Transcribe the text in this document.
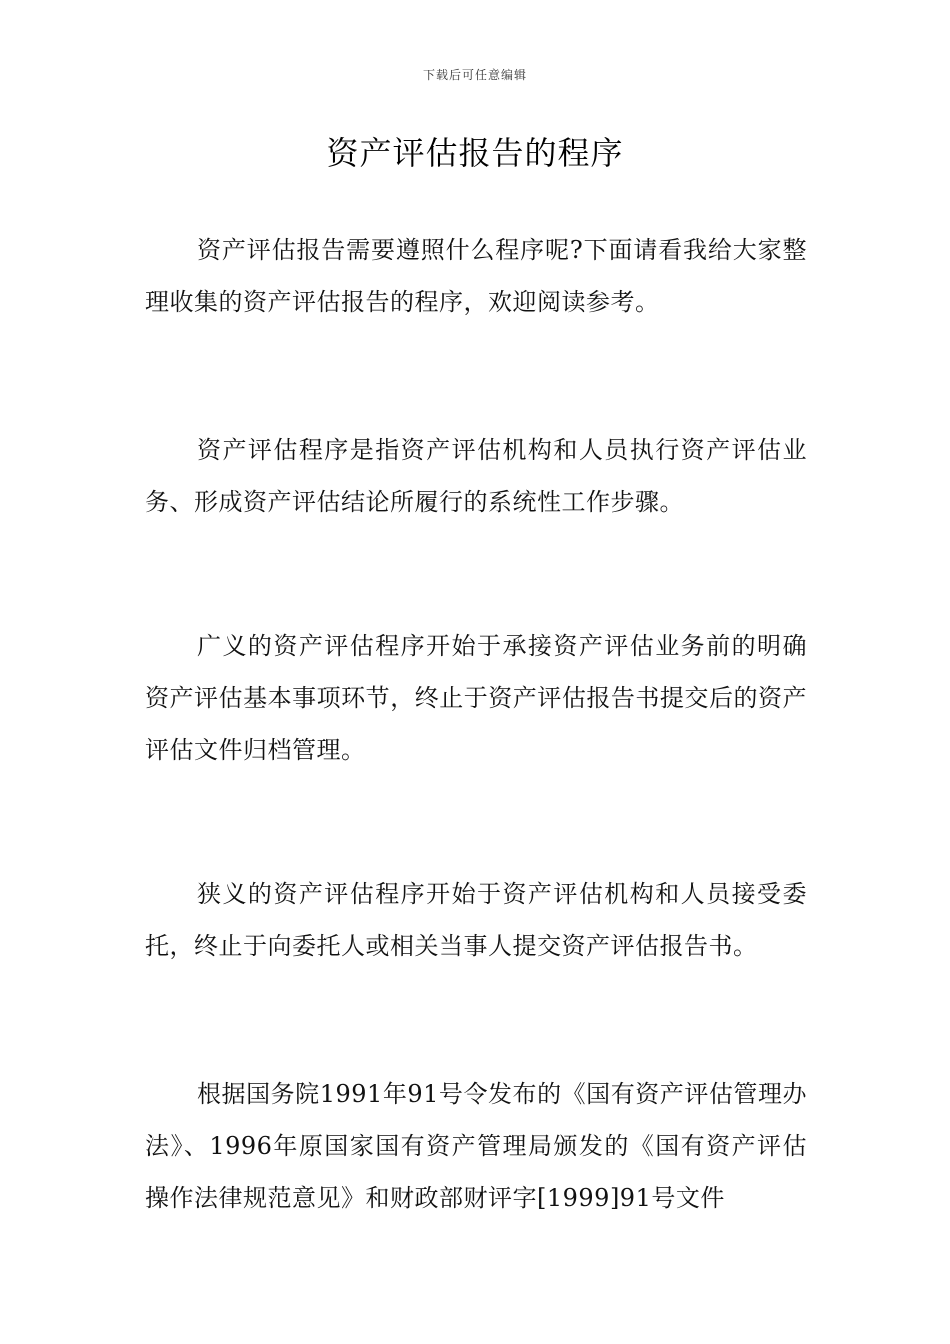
下载后可任意编辑
资产评估报告的程序

资产评估报告需要遵照什么程序呢?下面请看我给大家整理收集的资产评估报告的程序，欢迎阅读参考。

资产评估程序是指资产评估机构和人员执行资产评估业务、形成资产评估结论所履行的系统性工作步骤。

广义的资产评估程序开始于承接资产评估业务前的明确资产评估基本事项环节，终止于资产评估报告书提交后的资产评估文件归档管理。

狭义的资产评估程序开始于资产评估机构和人员接受委托，终止于向委托人或相关当事人提交资产评估报告书。

根据国务院1991年91号令发布的《国有资产评估管理办法》、1996年原国家国有资产管理局颁发的《国有资产评估操作法律规范意见》和财政部财评字[1999]91号文件
